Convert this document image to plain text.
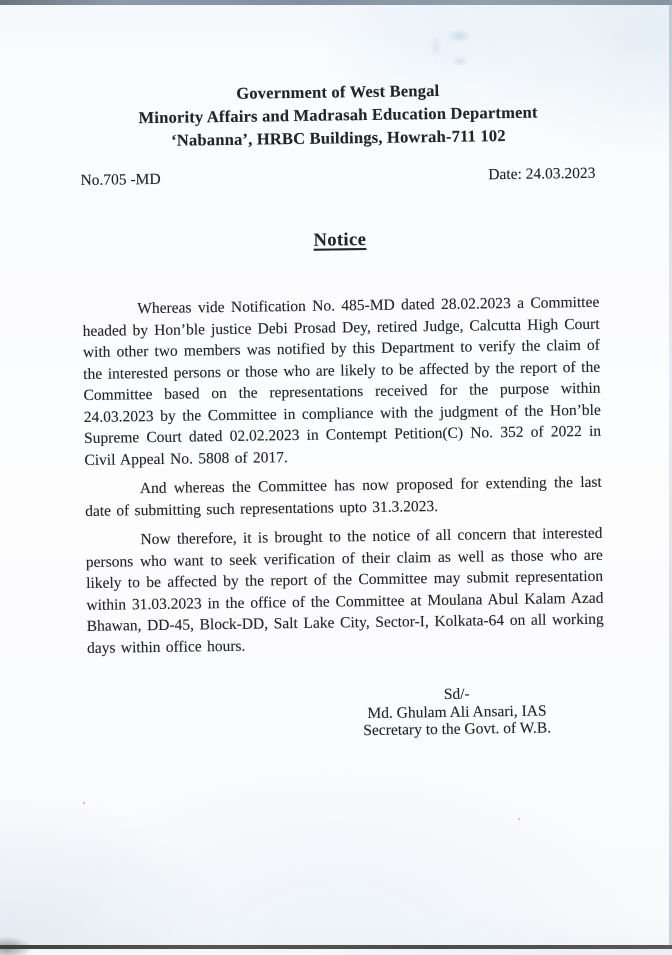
Government of West Bengal
Minority Affairs and Madrasah Education Department
‘Nabanna’, HRBC Buildings, Howrah-711 102
No.705 -MD	Date: 24.03.2023
Notice

Whereas vide Notification No. 485-MD dated 28.02.2023 a Committee headed by Hon’ble justice Debi Prosad Dey, retired Judge, Calcutta High Court with other two members was notified by this Department to verify the claim of the interested persons or those who are likely to be affected by the report of the Committee based on the representations received for the purpose within 24.03.2023 by the Committee in compliance with the judgment of the Hon’ble Supreme Court dated 02.02.2023 in Contempt Petition(C) No. 352 of 2022 in Civil Appeal No. 5808 of 2017.

And whereas the Committee has now proposed for extending the last date of submitting such representations upto 31.3.2023.

Now therefore, it is brought to the notice of all concern that interested persons who want to seek verification of their claim as well as those who are likely to be affected by the report of the Committee may submit representation within 31.03.2023 in the office of the Committee at Moulana Abul Kalam Azad Bhawan, DD-45, Block-DD, Salt Lake City, Sector-I, Kolkata-64 on all working days within office hours.

Sd/-
Md. Ghulam Ali Ansari, IAS
Secretary to the Govt. of W.B.
